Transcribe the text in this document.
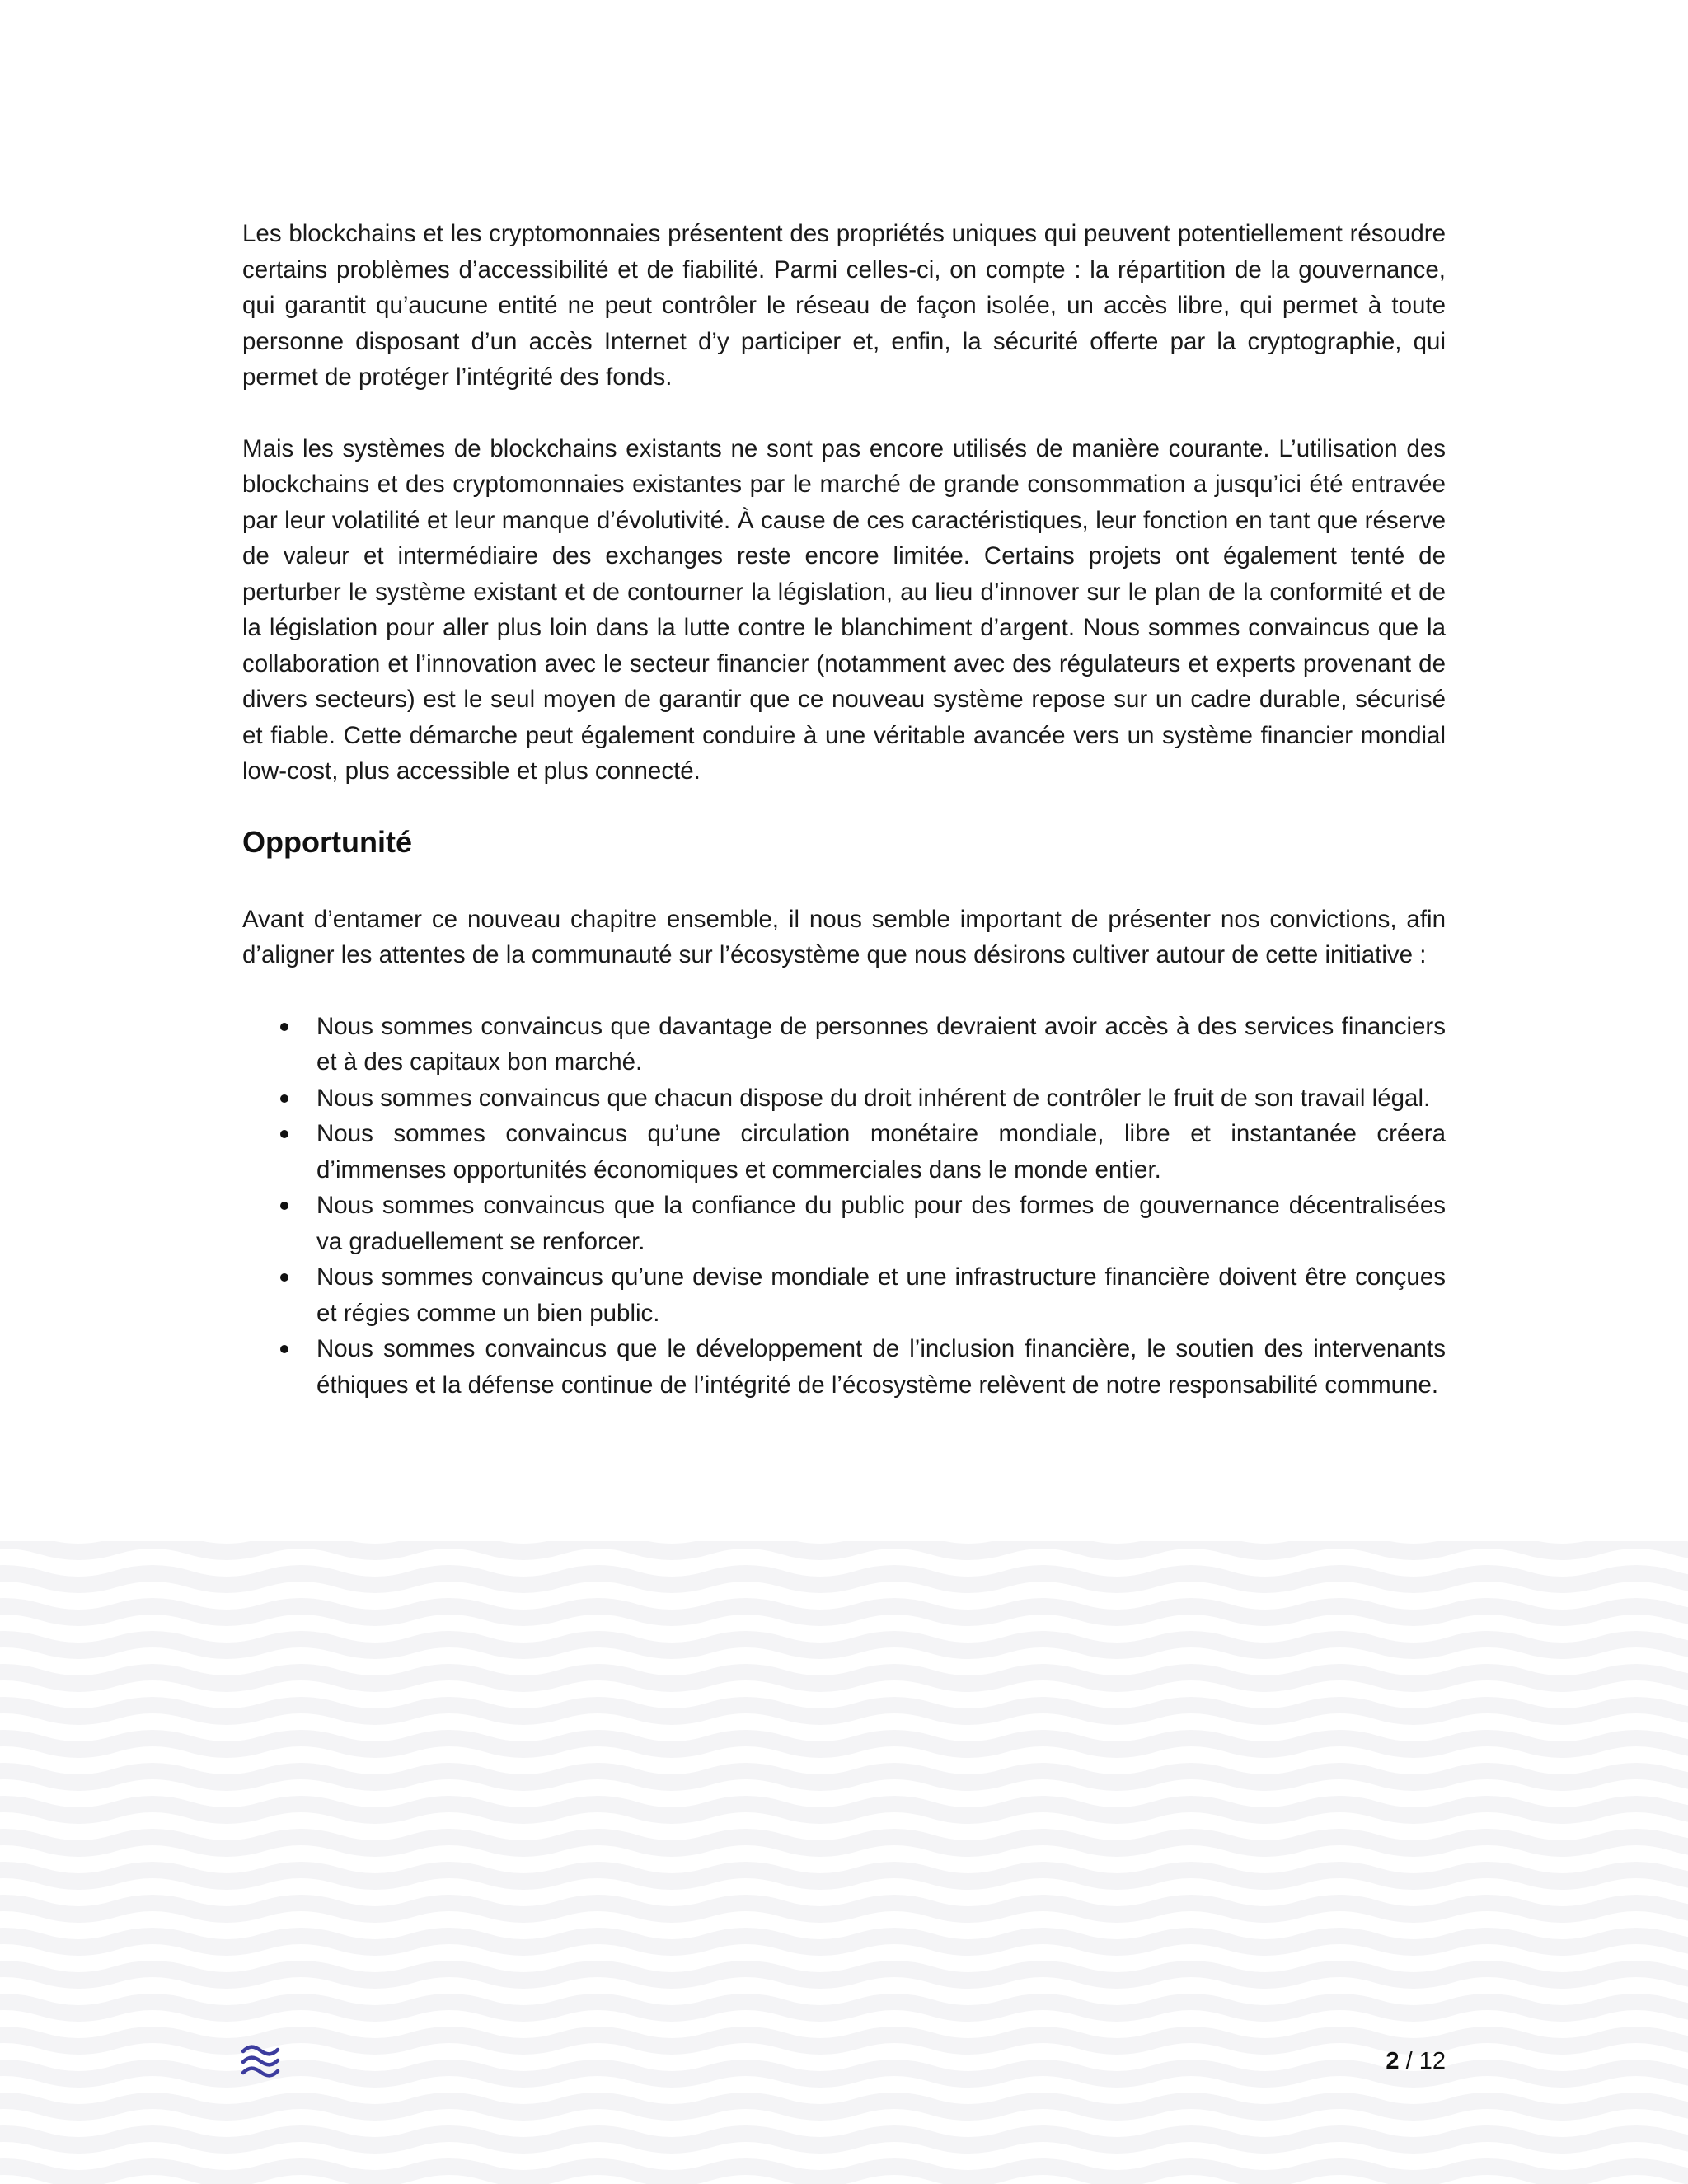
Les blockchains et les cryptomonnaies présentent des propriétés uniques qui peuvent potentiellement résoudre certains problèmes d’accessibilité et de fiabilité. Parmi celles-ci, on compte : la répartition de la gouvernance, qui garantit qu’aucune entité ne peut contrôler le réseau de façon isolée, un accès libre, qui permet à toute personne disposant d’un accès Internet d’y participer et, enfin, la sécurité offerte par la cryptographie, qui permet de protéger l’intégrité des fonds.

Mais les systèmes de blockchains existants ne sont pas encore utilisés de manière courante. L’utilisation des blockchains et des cryptomonnaies existantes par le marché de grande consommation a jusqu’ici été entravée par leur volatilité et leur manque d’évolutivité. À cause de ces caractéristiques, leur fonction en tant que réserve de valeur et intermédiaire des exchanges reste encore limitée. Certains projets ont également tenté de perturber le système existant et de contourner la législation, au lieu d’innover sur le plan de la conformité et de la législation pour aller plus loin dans la lutte contre le blanchiment d’argent. Nous sommes convaincus que la collaboration et l’innovation avec le secteur financier (notamment avec des régulateurs et experts provenant de divers secteurs) est le seul moyen de garantir que ce nouveau système repose sur un cadre durable, sécurisé et fiable. Cette démarche peut également conduire à une véritable avancée vers un système financier mondial low-cost, plus accessible et plus connecté.

Opportunité

Avant d’entamer ce nouveau chapitre ensemble, il nous semble important de présenter nos convictions, afin d’aligner les attentes de la communauté sur l’écosystème que nous désirons cultiver autour de cette initiative :

Nous sommes convaincus que davantage de personnes devraient avoir accès à des services financiers et à des capitaux bon marché.
Nous sommes convaincus que chacun dispose du droit inhérent de contrôler le fruit de son travail légal.
Nous sommes convaincus qu’une circulation monétaire mondiale, libre et instantanée créera d’immenses opportunités économiques et commerciales dans le monde entier.
Nous sommes convaincus que la confiance du public pour des formes de gouvernance décentralisées va graduellement se renforcer.
Nous sommes convaincus qu’une devise mondiale et une infrastructure financière doivent être conçues et régies comme un bien public.
Nous sommes convaincus que le développement de l’inclusion financière, le soutien des intervenants éthiques et la défense continue de l’intégrité de l’écosystème relèvent de notre responsabilité commune.
2 / 12
